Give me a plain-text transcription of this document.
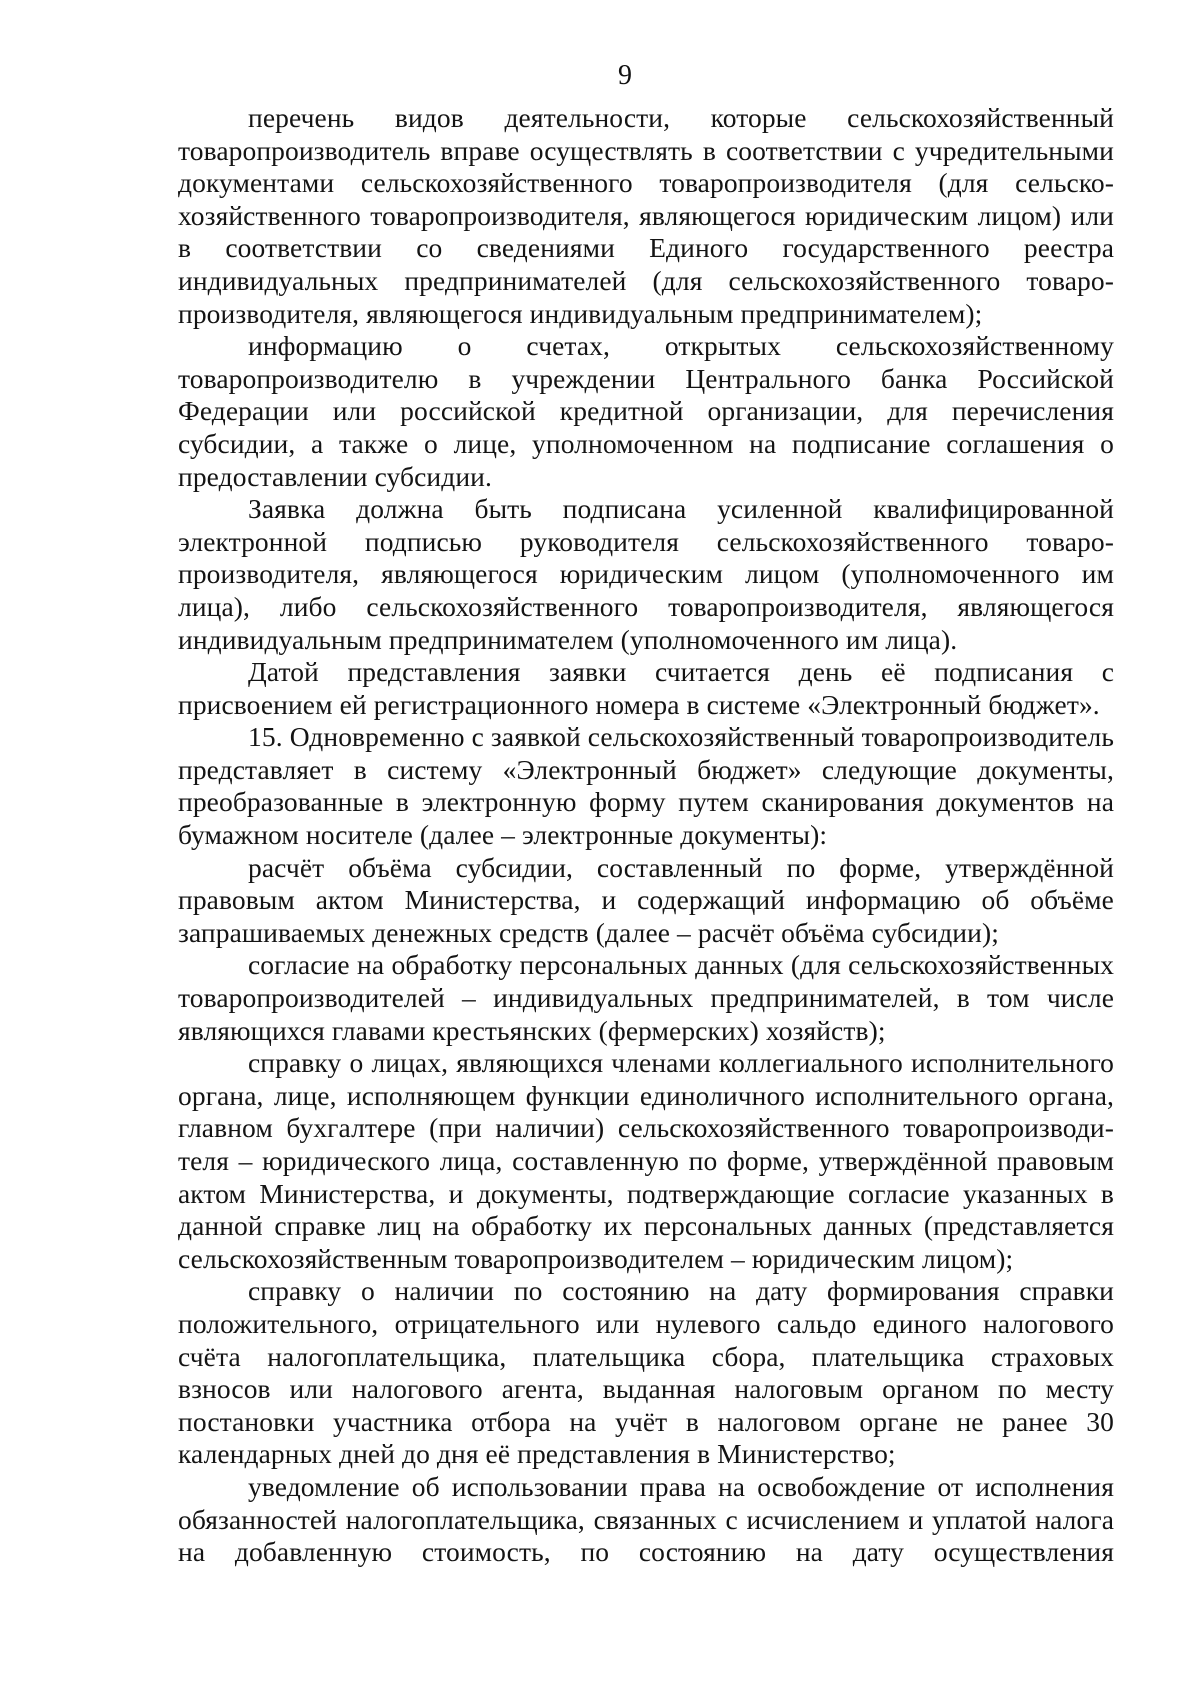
9

перечень видов деятельности, которые сельскохозяйственный товаропроизводитель вправе осуществлять в соответствии с учредительными документами сельскохозяйственного товаропроизводителя (для сельско-хозяйственного товаропроизводителя, являющегося юридическим лицом) или в соответствии со сведениями Единого государственного реестра индивидуальных предпринимателей (для сельскохозяйственного товаро-производителя, являющегося индивидуальным предпринимателем);

информацию о счетах, открытых сельскохозяйственному товаропроизводителю в учреждении Центрального банка Российской Федерации или российской кредитной организации, для перечисления субсидии, а также о лице, уполномоченном на подписание соглашения о предоставлении субсидии.

Заявка должна быть подписана усиленной квалифицированной электронной подписью руководителя сельскохозяйственного товаро-производителя, являющегося юридическим лицом (уполномоченного им лица), либо сельскохозяйственного товаропроизводителя, являющегося индивидуальным предпринимателем (уполномоченного им лица).

Датой представления заявки считается день её подписания с присвоением ей регистрационного номера в системе «Электронный бюджет».

15. Одновременно с заявкой сельскохозяйственный товаропроизводитель представляет в систему «Электронный бюджет» следующие документы, преобразованные в электронную форму путем сканирования документов на бумажном носителе (далее – электронные документы):

расчёт объёма субсидии, составленный по форме, утверждённой правовым актом Министерства, и содержащий информацию об объёме запрашиваемых денежных средств (далее – расчёт объёма субсидии);

согласие на обработку персональных данных (для сельскохозяйственных товаропроизводителей – индивидуальных предпринимателей, в том числе являющихся главами крестьянских (фермерских) хозяйств);

справку о лицах, являющихся членами коллегиального исполнительного органа, лице, исполняющем функции единоличного исполнительного органа, главном бухгалтере (при наличии) сельскохозяйственного товаропроизводи-теля – юридического лица, составленную по форме, утверждённой правовым актом Министерства, и документы, подтверждающие согласие указанных в данной справке лиц на обработку их персональных данных (представляется сельскохозяйственным товаропроизводителем – юридическим лицом);

справку о наличии по состоянию на дату формирования справки положительного, отрицательного или нулевого сальдо единого налогового счёта налогоплательщика, плательщика сбора, плательщика страховых взносов или налогового агента, выданная налоговым органом по месту постановки участника отбора на учёт в налоговом органе не ранее 30 календарных дней до дня её представления в Министерство;

уведомление об использовании права на освобождение от исполнения обязанностей налогоплательщика, связанных с исчислением и уплатой налога на добавленную стоимость, по состоянию на дату осуществления
